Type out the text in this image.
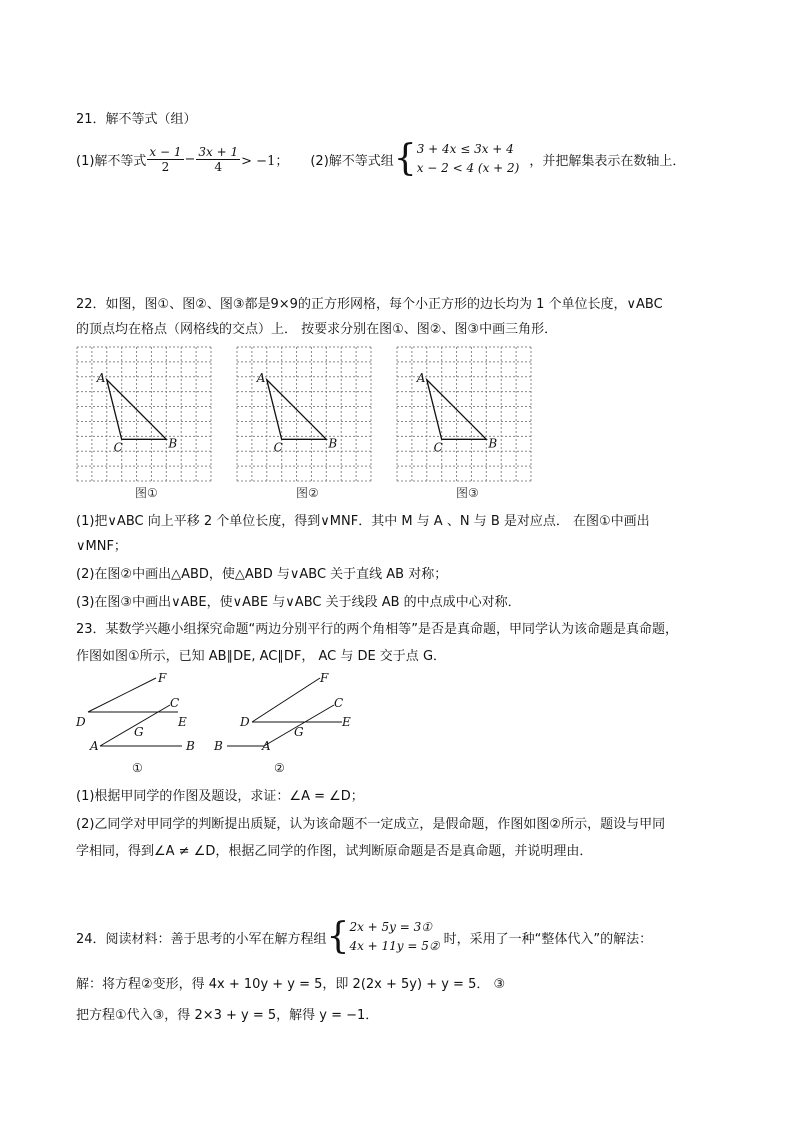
21．解不等式（组）
(1)解不等式 $\frac{x - 1}{2} - \frac{3x + 1}{4} > -1$； (2)解不等式组 { 3 + 4x ≤ 3x + 4
x − 2 < 4 (x + 2) ，并把解集表示在数轴上．
22．如图，图①、图②、图③都是9×9的正方形网格，每个小正方形的边长均为 1 个单位长度，∨ABC
的顶点均在格点（网格线的交点）上． 按要求分别在图①、图②、图③中画三角形．
A
B
C
A
B
C
A
B
C
图①	图②	图③
(1)把∨ABC 向上平移 2 个单位长度，得到∨MNF．其中 M 与 A 、N 与 B 是对应点． 在图①中画出
∨MNF；
(2)在图②中画出△ABD，使△ABD 与∨ABC 关于直线 AB 对称；
(3)在图③中画出∨ABE，使∨ABE 与∨ABC 关于线段 AB 的中点成中心对称．
23．某数学兴趣小组探究命题“两边分别平行的两个角相等”是否是真命题，甲同学认为该命题是真命题，
作图如图①所示，已知 AB∥DE, AC∥DF， AC 与 DE 交于点 G．
F
C
D	E
G
A	B
①
F
C
D	E
G
B	A
②
(1)根据甲同学的作图及题设，求证：∠A = ∠D；
(2)乙同学对甲同学的判断提出质疑，认为该命题不一定成立，是假命题，作图如图②所示，题设与甲同
学相同，得到∠A ≠ ∠D，根据乙同学的作图，试判断原命题是否是真命题，并说明理由．
24．阅读材料：善于思考的小军在解方程组 { 2x + 5y = 3①
4x + 11y = 5② 时，采用了一种“整体代入”的解法：
解：将方程②变形，得 4x + 10y + y = 5，即 2(2x + 5y) + y = 5． ③
把方程①代入③，得 2×3 + y = 5，解得 y = −1．
